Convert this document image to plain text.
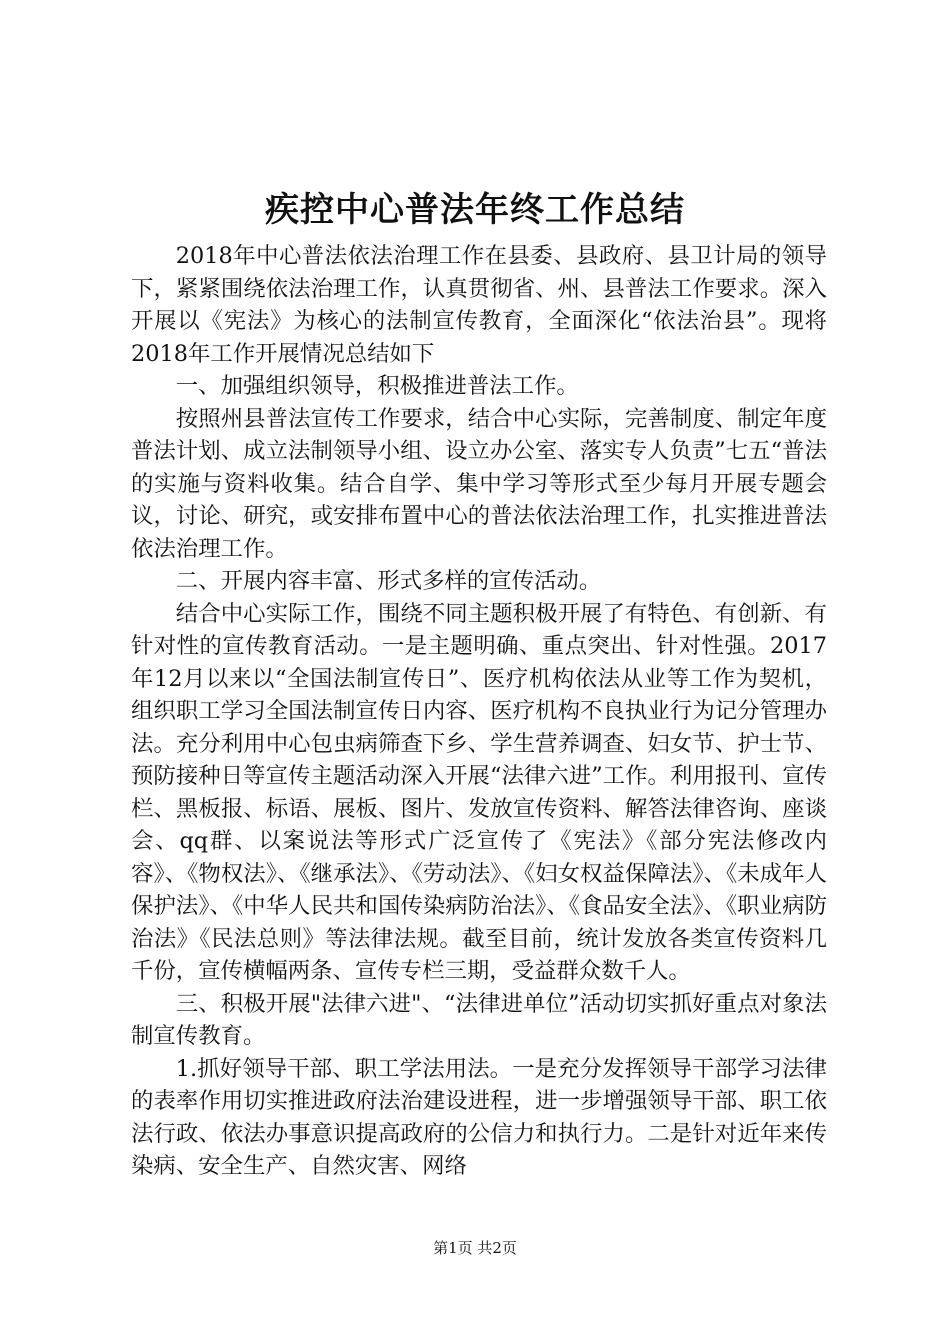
疾控中心普法年终工作总结

2018年中心普法依法治理工作在县委、县政府、县卫计局的领导下，紧紧围绕依法治理工作，认真贯彻省、州、县普法工作要求。深入开展以《宪法》为核心的法制宣传教育，全面深化“依法治县”。现将2018年工作开展情况总结如下

一、加强组织领导，积极推进普法工作。

按照州县普法宣传工作要求，结合中心实际，完善制度、制定年度普法计划、成立法制领导小组、设立办公室、落实专人负责”七五“普法的实施与资料收集。结合自学、集中学习等形式至少每月开展专题会议，讨论、研究，或安排布置中心的普法依法治理工作，扎实推进普法依法治理工作。

二、开展内容丰富、形式多样的宣传活动。

结合中心实际工作，围绕不同主题积极开展了有特色、有创新、有针对性的宣传教育活动。一是主题明确、重点突出、针对性强。2017年12月以来以“全国法制宣传日”、医疗机构依法从业等工作为契机，组织职工学习全国法制宣传日内容、医疗机构不良执业行为记分管理办法。充分利用中心包虫病筛查下乡、学生营养调查、妇女节、护士节、预防接种日等宣传主题活动深入开展“法律六进”工作。利用报刊、宣传栏、黑板报、标语、展板、图片、发放宣传资料、解答法律咨询、座谈会、qq群、以案说法等形式广泛宣传了《宪法》《部分宪法修改内容》、《物权法》、《继承法》、《劳动法》、《妇女权益保障法》、《未成年人保护法》、《中华人民共和国传染病防治法》、《食品安全法》、《职业病防治法》《民法总则》等法律法规。截至目前，统计发放各类宣传资料几千份，宣传横幅两条、宣传专栏三期，受益群众数千人。

三、积极开展"法律六进"、“法律进单位”活动切实抓好重点对象法制宣传教育。

1.抓好领导干部、职工学法用法。一是充分发挥领导干部学习法律的表率作用切实推进政府法治建设进程，进一步增强领导干部、职工依法行政、依法办事意识提高政府的公信力和执行力。二是针对近年来传染病、安全生产、自然灾害、网络

第1页 共2页
